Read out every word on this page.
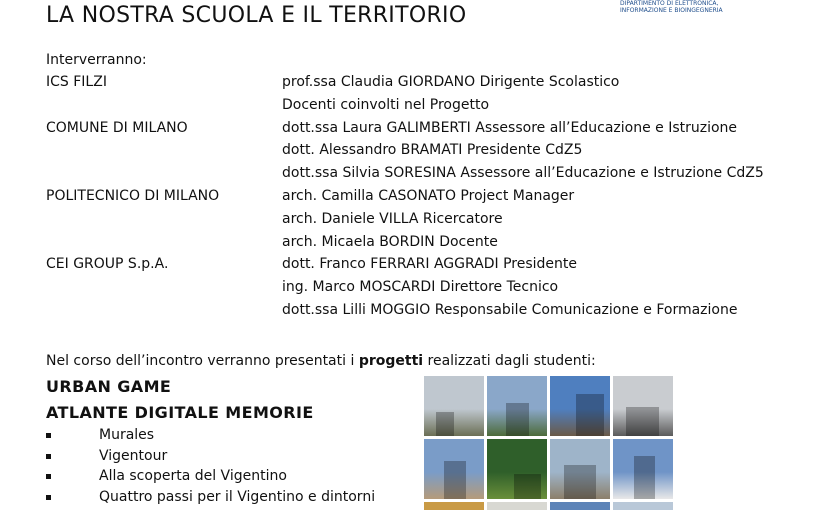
LA NOSTRA SCUOLA E IL TERRITORIO	DIPARTIMENTO DI ELETTRONICA,
INFORMAZIONE E BIOINGEGNERIA
Interverranno:
ICS FILZI	prof.ssa Claudia GIORDANO Dirigente Scolastico
Docenti coinvolti nel Progetto
COMUNE DI MILANO	dott.ssa Laura GALIMBERTI Assessore all’Educazione e Istruzione
dott. Alessandro BRAMATI Presidente CdZ5
dott.ssa Silvia SORESINA Assessore all’Educazione e Istruzione CdZ5
POLITECNICO DI MILANO	arch. Camilla CASONATO Project Manager
arch. Daniele VILLA Ricercatore
arch. Micaela BORDIN Docente
CEI GROUP S.p.A.	dott. Franco FERRARI AGGRADI Presidente
ing. Marco MOSCARDI Direttore Tecnico
dott.ssa Lilli MOGGIO Responsabile Comunicazione e Formazione
Nel corso dell’incontro verranno presentati i progetti realizzati dagli studenti:
URBAN GAME
ATLANTE DIGITALE MEMORIE
Murales
Vigentour
Alla scoperta del Vigentino
Quattro passi per il Vigentino e dintorni
